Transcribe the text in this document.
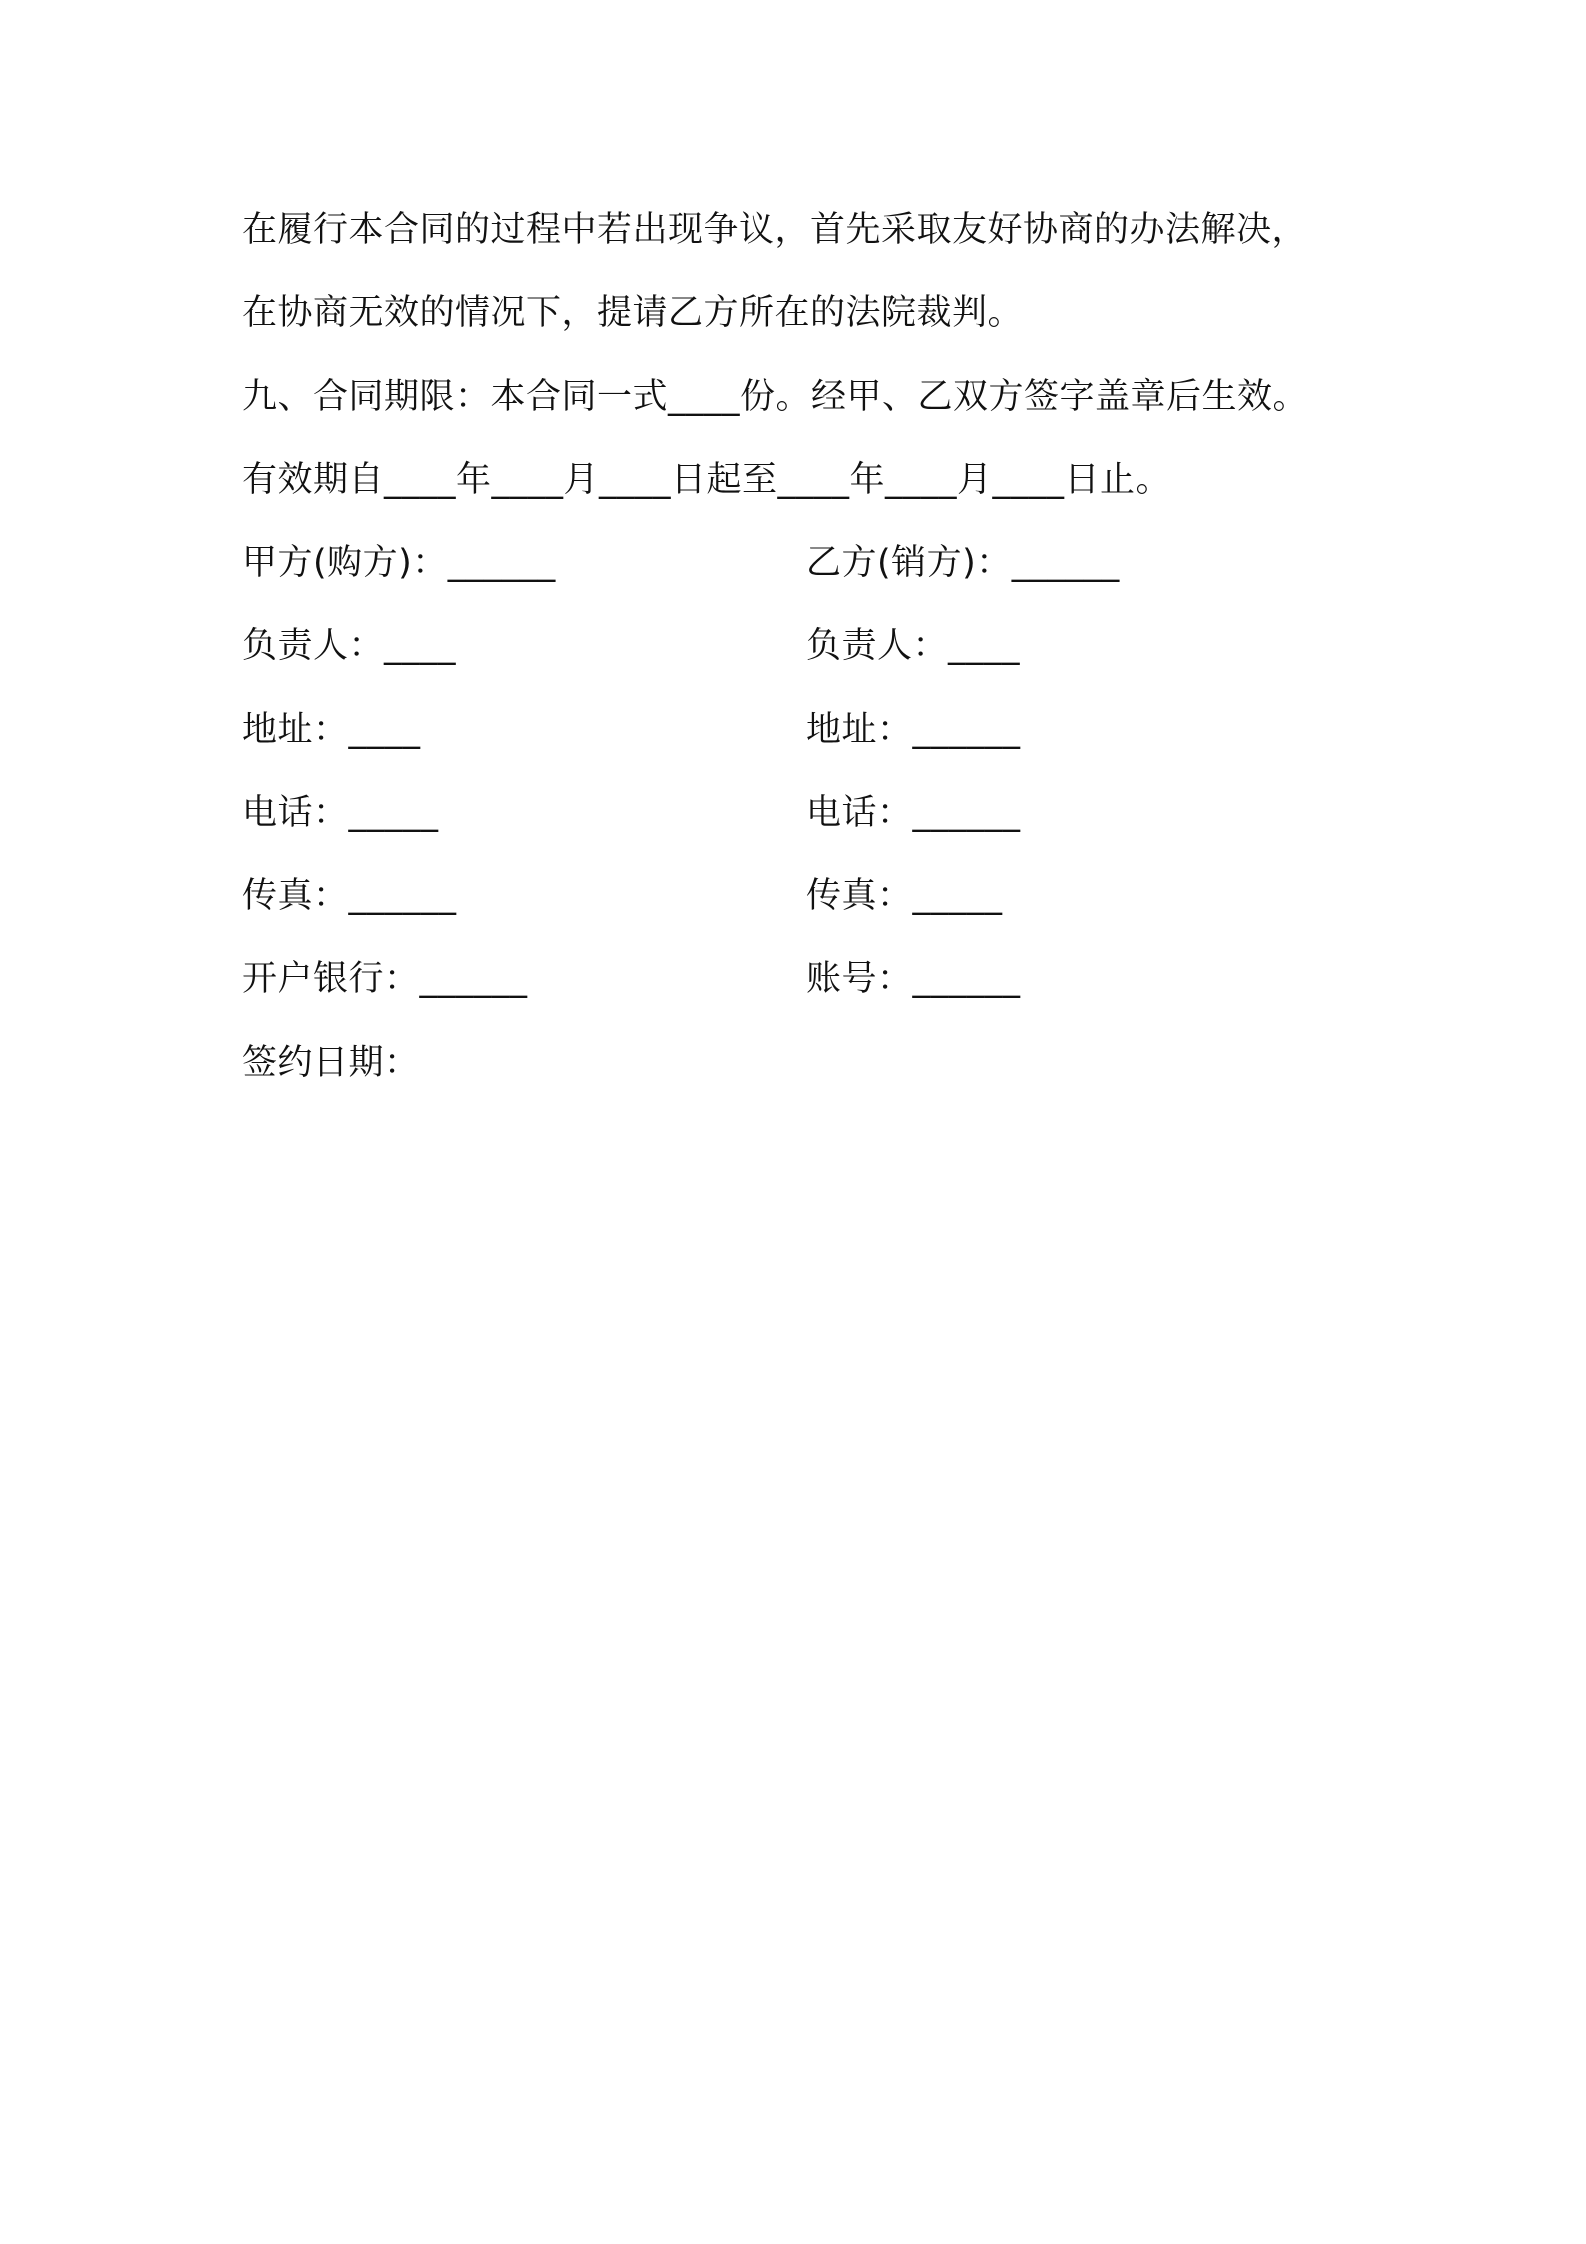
在履行本合同的过程中若出现争议，首先采取友好协商的办法解决，
在协商无效的情况下，提请乙方所在的法院裁判。
九、合同期限：本合同一式____份。经甲、乙双方签字盖章后生效。
有效期自____年____月____日起至____年____月____日止。
甲方(购方)：______	乙方(销方)：______
负责人：____	负责人：____
地址：____	地址：______
电话：_____	电话：______
传真：______	传真：_____
开户银行：______	账号：______
签约日期：
